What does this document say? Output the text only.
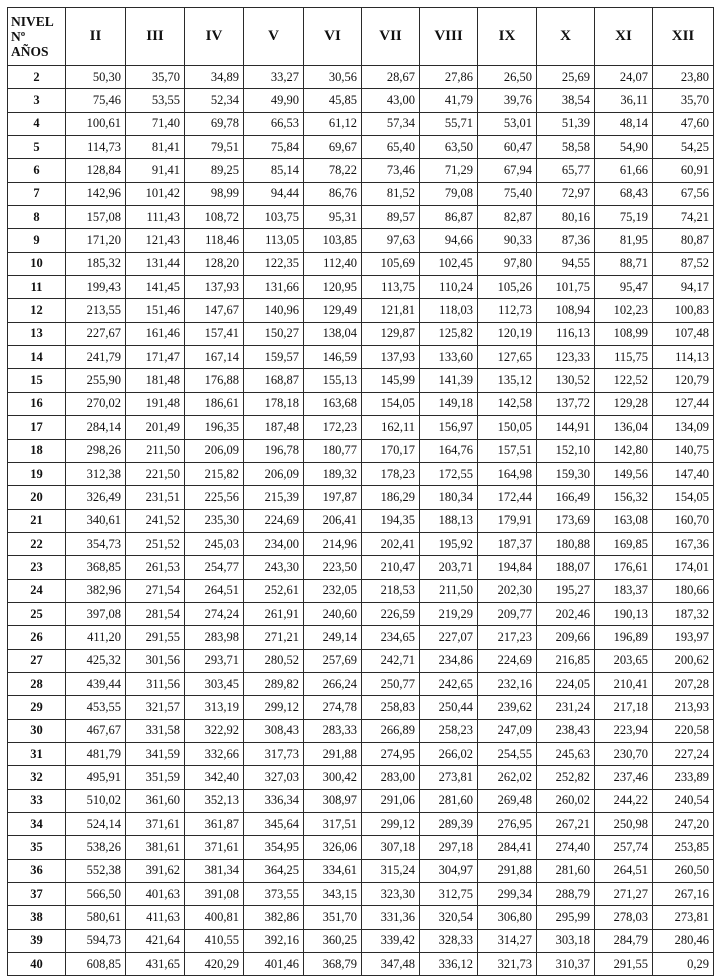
NIVEL
Nº
AÑOS	II	III	IV	V	VI	VII	VIII	IX	X	XI	XII
2	50,30	35,70	34,89	33,27	30,56	28,67	27,86	26,50	25,69	24,07	23,80
3	75,46	53,55	52,34	49,90	45,85	43,00	41,79	39,76	38,54	36,11	35,70
4	100,61	71,40	69,78	66,53	61,12	57,34	55,71	53,01	51,39	48,14	47,60
5	114,73	81,41	79,51	75,84	69,67	65,40	63,50	60,47	58,58	54,90	54,25
6	128,84	91,41	89,25	85,14	78,22	73,46	71,29	67,94	65,77	61,66	60,91
7	142,96	101,42	98,99	94,44	86,76	81,52	79,08	75,40	72,97	68,43	67,56
8	157,08	111,43	108,72	103,75	95,31	89,57	86,87	82,87	80,16	75,19	74,21
9	171,20	121,43	118,46	113,05	103,85	97,63	94,66	90,33	87,36	81,95	80,87
10	185,32	131,44	128,20	122,35	112,40	105,69	102,45	97,80	94,55	88,71	87,52
11	199,43	141,45	137,93	131,66	120,95	113,75	110,24	105,26	101,75	95,47	94,17
12	213,55	151,46	147,67	140,96	129,49	121,81	118,03	112,73	108,94	102,23	100,83
13	227,67	161,46	157,41	150,27	138,04	129,87	125,82	120,19	116,13	108,99	107,48
14	241,79	171,47	167,14	159,57	146,59	137,93	133,60	127,65	123,33	115,75	114,13
15	255,90	181,48	176,88	168,87	155,13	145,99	141,39	135,12	130,52	122,52	120,79
16	270,02	191,48	186,61	178,18	163,68	154,05	149,18	142,58	137,72	129,28	127,44
17	284,14	201,49	196,35	187,48	172,23	162,11	156,97	150,05	144,91	136,04	134,09
18	298,26	211,50	206,09	196,78	180,77	170,17	164,76	157,51	152,10	142,80	140,75
19	312,38	221,50	215,82	206,09	189,32	178,23	172,55	164,98	159,30	149,56	147,40
20	326,49	231,51	225,56	215,39	197,87	186,29	180,34	172,44	166,49	156,32	154,05
21	340,61	241,52	235,30	224,69	206,41	194,35	188,13	179,91	173,69	163,08	160,70
22	354,73	251,52	245,03	234,00	214,96	202,41	195,92	187,37	180,88	169,85	167,36
23	368,85	261,53	254,77	243,30	223,50	210,47	203,71	194,84	188,07	176,61	174,01
24	382,96	271,54	264,51	252,61	232,05	218,53	211,50	202,30	195,27	183,37	180,66
25	397,08	281,54	274,24	261,91	240,60	226,59	219,29	209,77	202,46	190,13	187,32
26	411,20	291,55	283,98	271,21	249,14	234,65	227,07	217,23	209,66	196,89	193,97
27	425,32	301,56	293,71	280,52	257,69	242,71	234,86	224,69	216,85	203,65	200,62
28	439,44	311,56	303,45	289,82	266,24	250,77	242,65	232,16	224,05	210,41	207,28
29	453,55	321,57	313,19	299,12	274,78	258,83	250,44	239,62	231,24	217,18	213,93
30	467,67	331,58	322,92	308,43	283,33	266,89	258,23	247,09	238,43	223,94	220,58
31	481,79	341,59	332,66	317,73	291,88	274,95	266,02	254,55	245,63	230,70	227,24
32	495,91	351,59	342,40	327,03	300,42	283,00	273,81	262,02	252,82	237,46	233,89
33	510,02	361,60	352,13	336,34	308,97	291,06	281,60	269,48	260,02	244,22	240,54
34	524,14	371,61	361,87	345,64	317,51	299,12	289,39	276,95	267,21	250,98	247,20
35	538,26	381,61	371,61	354,95	326,06	307,18	297,18	284,41	274,40	257,74	253,85
36	552,38	391,62	381,34	364,25	334,61	315,24	304,97	291,88	281,60	264,51	260,50
37	566,50	401,63	391,08	373,55	343,15	323,30	312,75	299,34	288,79	271,27	267,16
38	580,61	411,63	400,81	382,86	351,70	331,36	320,54	306,80	295,99	278,03	273,81
39	594,73	421,64	410,55	392,16	360,25	339,42	328,33	314,27	303,18	284,79	280,46
40	608,85	431,65	420,29	401,46	368,79	347,48	336,12	321,73	310,37	291,55	0,29
